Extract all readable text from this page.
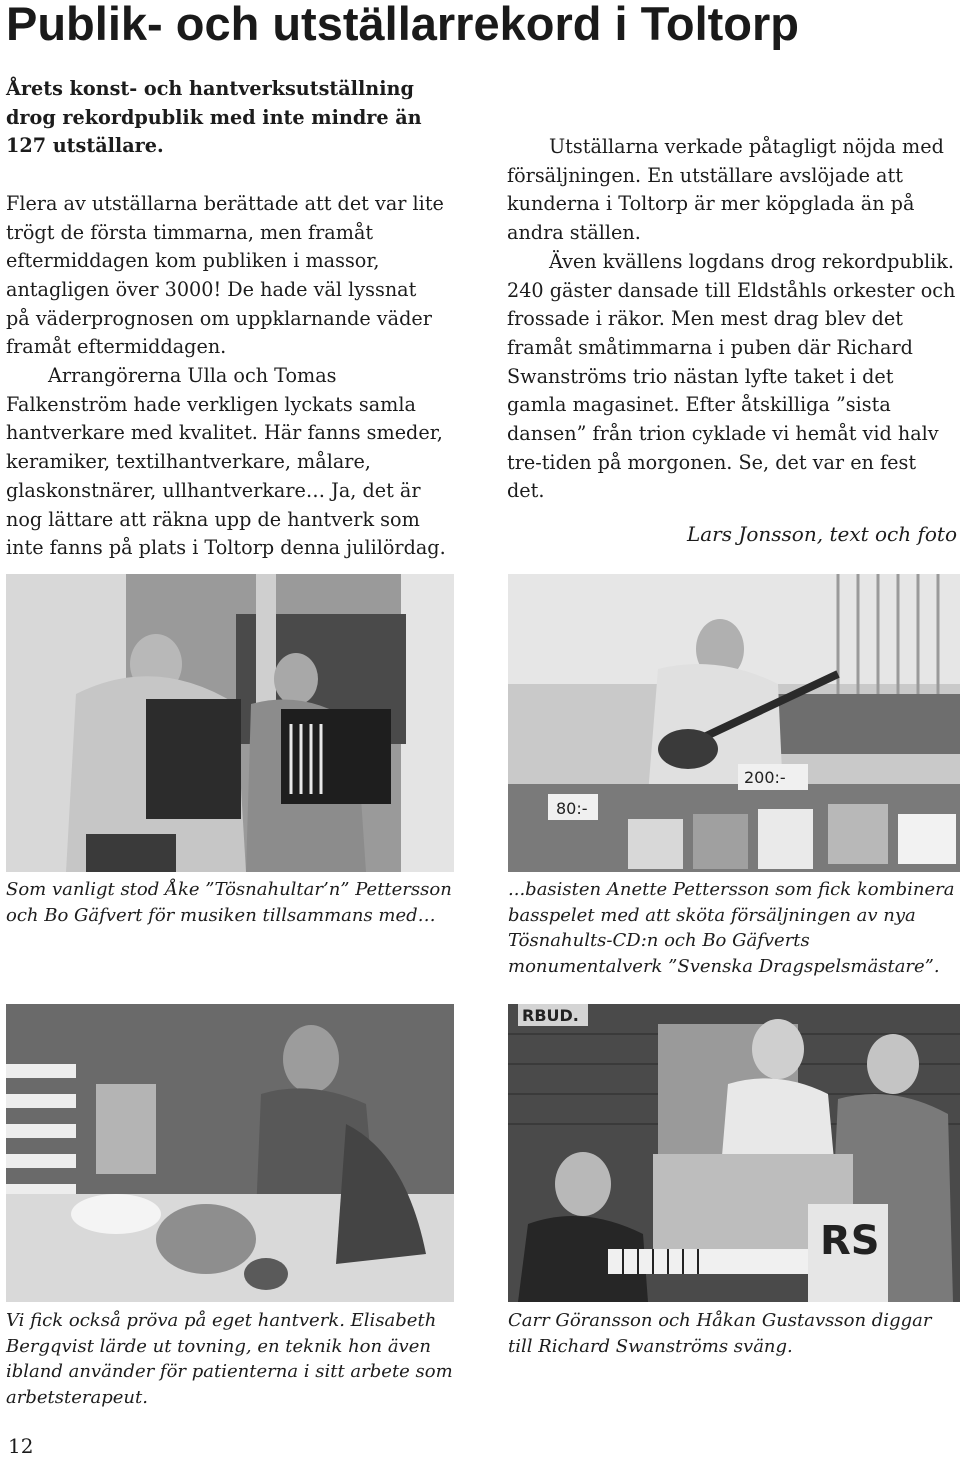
Publik- och utställarrekord i Toltorp

Årets konst- och hantverksutställning drog rekordpublik med inte mindre än 127 utställare.

Flera av utställarna berättade att det var lite trögt de första timmarna, men framåt eftermiddagen kom publiken i massor, antagligen över 3000! De hade väl lyssnat på väderprognosen om uppklarnande väder framåt eftermiddagen.

Arrangörerna Ulla och Tomas Falkenström hade verkligen lyckats samla hantverkare med kvalitet. Här fanns smeder, keramiker, textilhantverkare, målare, glaskonstnärer, ullhantverkare… Ja, det är nog lättare att räkna upp de hantverk som inte fanns på plats i Toltorp denna julilördag.

Utställarna verkade påtagligt nöjda med försäljningen. En utställare avslöjade att kunderna i Toltorp är mer köpglada än på andra ställen.

Även kvällens logdans drog rekordpublik. 240 gäster dansade till Eldståhls orkester och frossade i räkor. Men mest drag blev det framåt småtimmarna i puben där Richard Swanströms trio nästan lyfte taket i det gamla magasinet. Efter åtskilliga ”sista dansen” från trion cyklade vi hemåt vid halv tre-tiden på morgonen. Se, det var en fest det.

Lars Jonsson, text och foto

Som vanligt stod Åke ”Tösnahultar’n” Pettersson och Bo Gäfvert för musiken tillsammans med…

80:-
200:-

...basisten Anette Pettersson som fick kombinera basspelet med att sköta försäljningen av nya Tösnahults-CD:n och Bo Gäfverts monumentalverk ”Svenska Dragspelsmästare”.

Vi fick också pröva på eget hantverk. Elisabeth Bergqvist lärde ut tovning, en teknik hon även ibland använder för patienterna i sitt arbete som arbetsterapeut.

RBUD.
RS

Carr Göransson och Håkan Gustavsson diggar till Richard Swanströms sväng.

12
